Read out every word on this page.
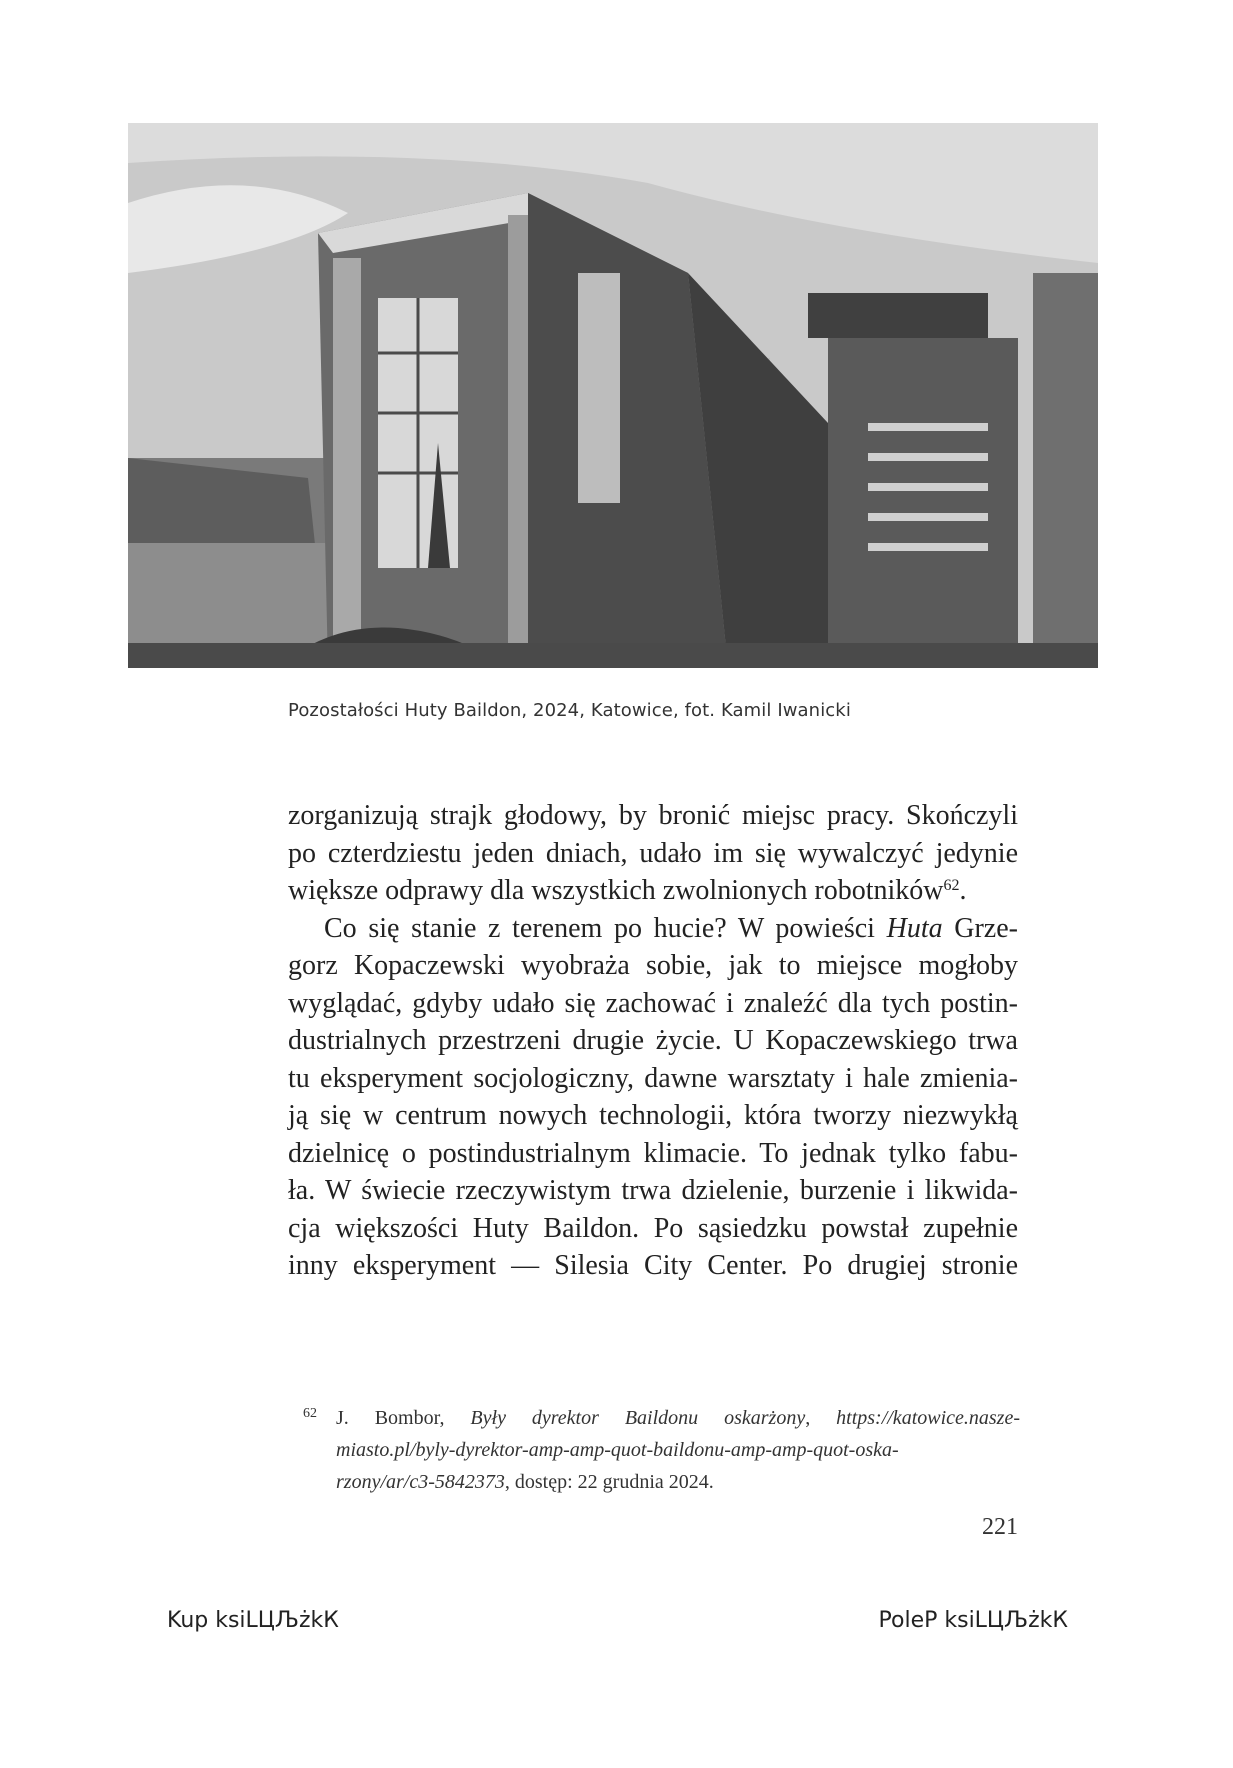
Pozostałości Huty Baildon, 2024, Katowice, fot. Kamil Iwanicki
zorganizują strajk głodowy, by bronić miejsc pracy. Skończyli
po czterdziestu jeden dniach, udało im się wywalczyć jedynie
większe odprawy dla wszystkich zwolnionych robotników$^{62}$.
Co się stanie z terenem po hucie? W powieści Huta Grze-
gorz Kopaczewski wyobraża sobie, jak to miejsce mogłoby
wyglądać, gdyby udało się zachować i znaleźć dla tych postin-
dustrialnych przestrzeni drugie życie. U Kopaczewskiego trwa
tu eksperyment socjologiczny, dawne warsztaty i hale zmienia-
ją się w centrum nowych technologii, która tworzy niezwykłą
dzielnicę o postindustrialnym klimacie. To jednak tylko fabu-
ła. W świecie rzeczywistym trwa dzielenie, burzenie i likwida-
cja większości Huty Baildon. Po sąsiedzku powstał zupełnie
inny eksperyment — Silesia City Center. Po drugiej stronie
62 J. Bombor, Były dyrektor Baildonu oskarżony, https://katowice.nasze-
miasto.pl/byly-dyrektor-amp-amp-quot-baildonu-amp-amp-quot-oska-
rzony/ar/c3-5842373, dostęp: 22 grudnia 2024.
221
Kup ksiLЦЉżkК	PoleP ksiLЦЉżkК
